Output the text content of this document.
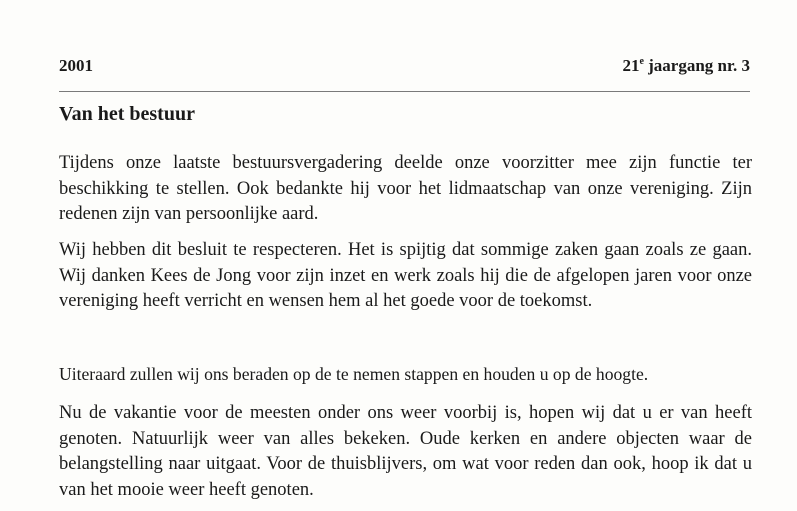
2001	21e jaargang nr. 3
Van het bestuur

Tijdens onze laatste bestuursvergadering deelde onze voorzitter mee zijn functie ter beschikking te stellen. Ook bedankte hij voor het lidmaatschap van onze vereniging. Zijn redenen zijn van persoonlijke aard.

Wij hebben dit besluit te respecteren. Het is spijtig dat sommige zaken gaan zoals ze gaan. Wij danken Kees de Jong voor zijn inzet en werk zoals hij die de afgelopen jaren voor onze vereniging heeft verricht en wensen hem al het goede voor de toekomst.

Uiteraard zullen wij ons beraden op de te nemen stappen en houden u op de hoogte.

Nu de vakantie voor de meesten onder ons weer voorbij is, hopen wij dat u er van heeft genoten. Natuurlijk weer van alles bekeken. Oude kerken en andere objecten waar de belangstelling naar uitgaat. Voor de thuisblijvers, om wat voor reden dan ook, hoop ik dat u van het mooie weer heeft genoten.
